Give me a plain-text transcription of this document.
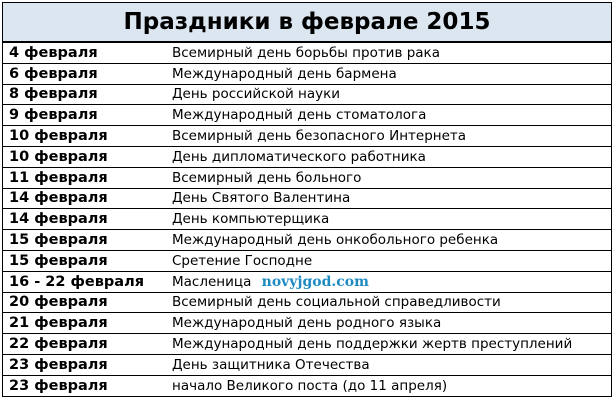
Праздники в феврале 2015
4 февраля	Всемирный день борьбы против рака
6 февраля	Международный день бармена
8 февраля	День российской науки
9 февраля	Международный день стоматолога
10 февраля	Всемирный день безопасного Интернета
10 февраля	День дипломатического работника
11 февраля	Всемирный день больного
14 февраля	День Святого Валентина
14 февраля	День компьютерщика
15 февраля	Международный день онкобольного ребенка
15 февраля	Сретение Господне
16 - 22 февраля	Масленица novyjgod.com
20 февраля	Всемирный день социальной справедливости
21 февраля	Международный день родного языка
22 февраля	Международный день поддержки жертв преступлений
23 февраля	День защитника Отечества
23 февраля	начало Великого поста (до 11 апреля)
